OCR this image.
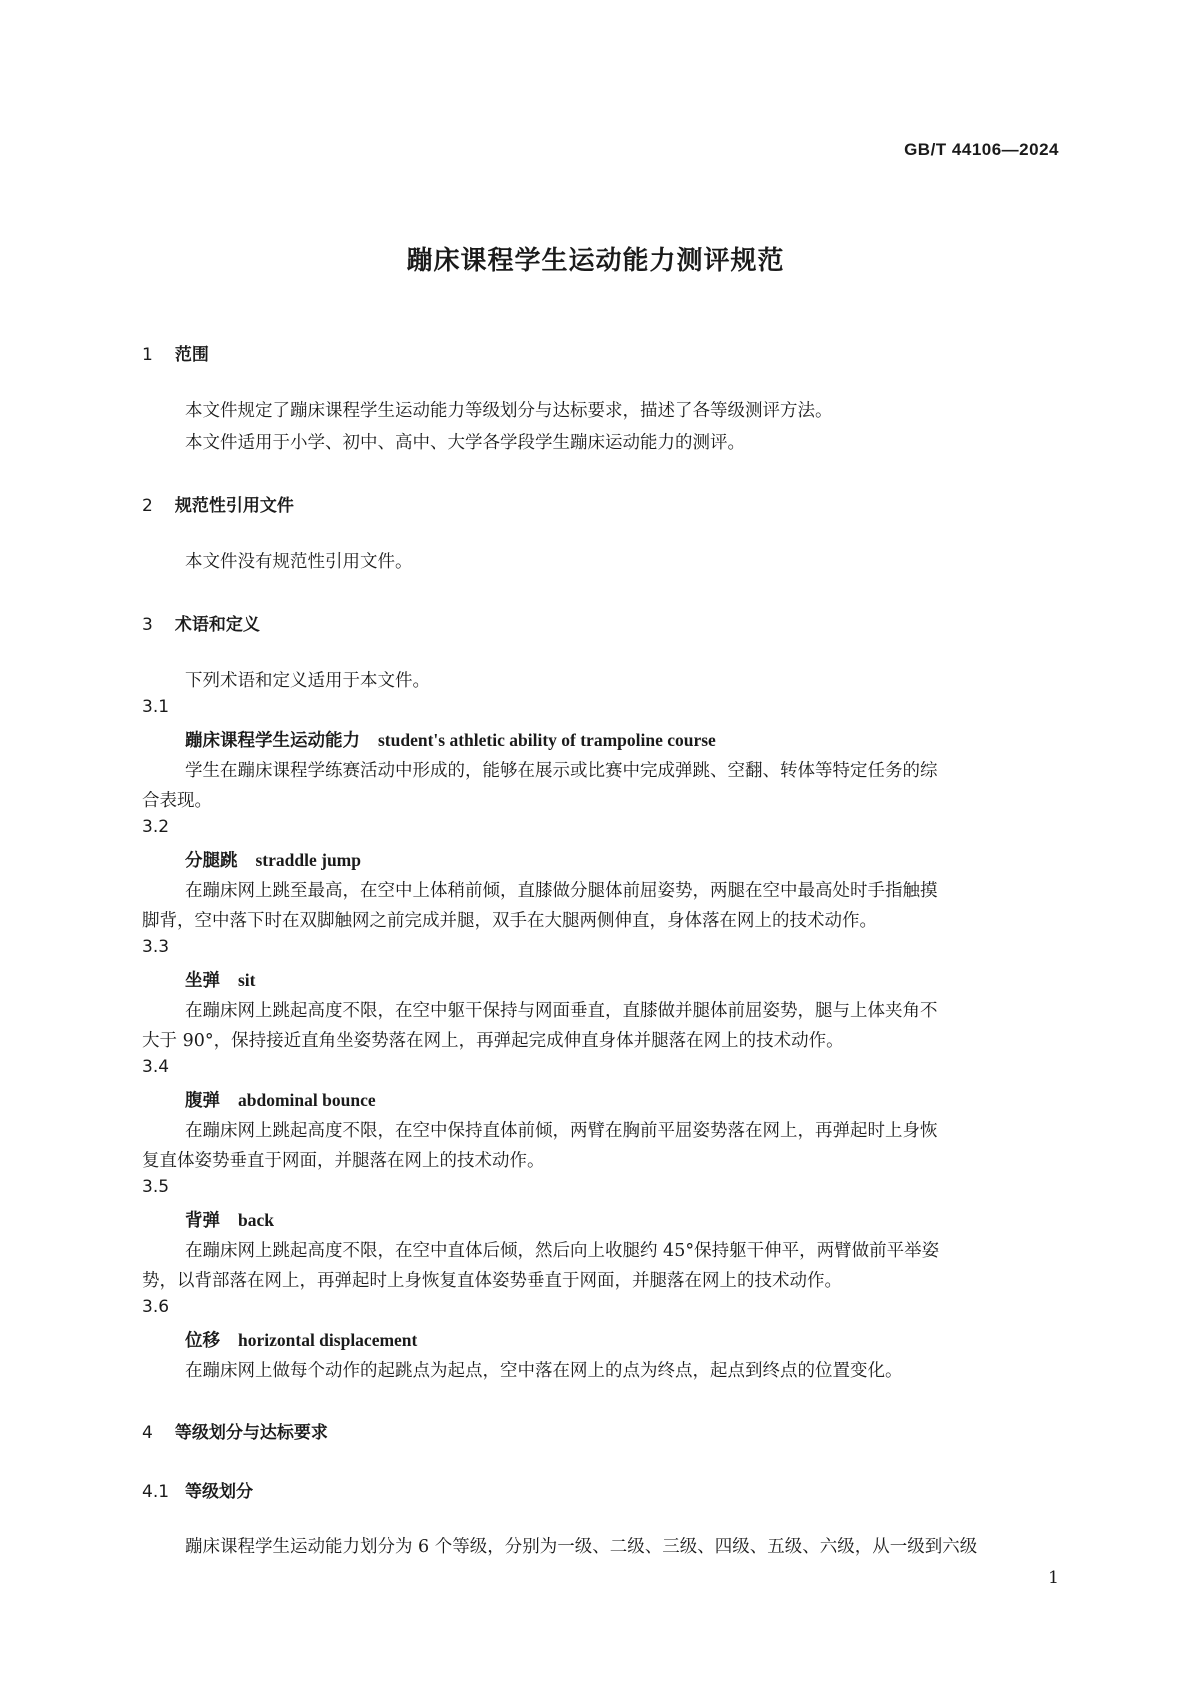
GB/T 44106—2024
蹦床课程学生运动能力测评规范
1 范围
本文件规定了蹦床课程学生运动能力等级划分与达标要求，描述了各等级测评方法。
本文件适用于小学、初中、高中、大学各学段学生蹦床运动能力的测评。
2 规范性引用文件
本文件没有规范性引用文件。
3 术语和定义
下列术语和定义适用于本文件。
3.1
蹦床课程学生运动能力 student's athletic ability of trampoline course
学生在蹦床课程学练赛活动中形成的，能够在展示或比赛中完成弹跳、空翻、转体等特定任务的综
合表现。
3.2
分腿跳 straddle jump
在蹦床网上跳至最高，在空中上体稍前倾，直膝做分腿体前屈姿势，两腿在空中最高处时手指触摸
脚背，空中落下时在双脚触网之前完成并腿，双手在大腿两侧伸直，身体落在网上的技术动作。
3.3
坐弹 sit
在蹦床网上跳起高度不限，在空中躯干保持与网面垂直，直膝做并腿体前屈姿势，腿与上体夹角不
大于 90°，保持接近直角坐姿势落在网上，再弹起完成伸直身体并腿落在网上的技术动作。
3.4
腹弹 abdominal bounce
在蹦床网上跳起高度不限，在空中保持直体前倾，两臂在胸前平屈姿势落在网上，再弹起时上身恢
复直体姿势垂直于网面，并腿落在网上的技术动作。
3.5
背弹 back
在蹦床网上跳起高度不限，在空中直体后倾，然后向上收腿约 45°保持躯干伸平，两臂做前平举姿
势，以背部落在网上，再弹起时上身恢复直体姿势垂直于网面，并腿落在网上的技术动作。
3.6
位移 horizontal displacement
在蹦床网上做每个动作的起跳点为起点，空中落在网上的点为终点，起点到终点的位置变化。
4 等级划分与达标要求
4.1 等级划分
蹦床课程学生运动能力划分为 6 个等级，分别为一级、二级、三级、四级、五级、六级，从一级到六级
1
